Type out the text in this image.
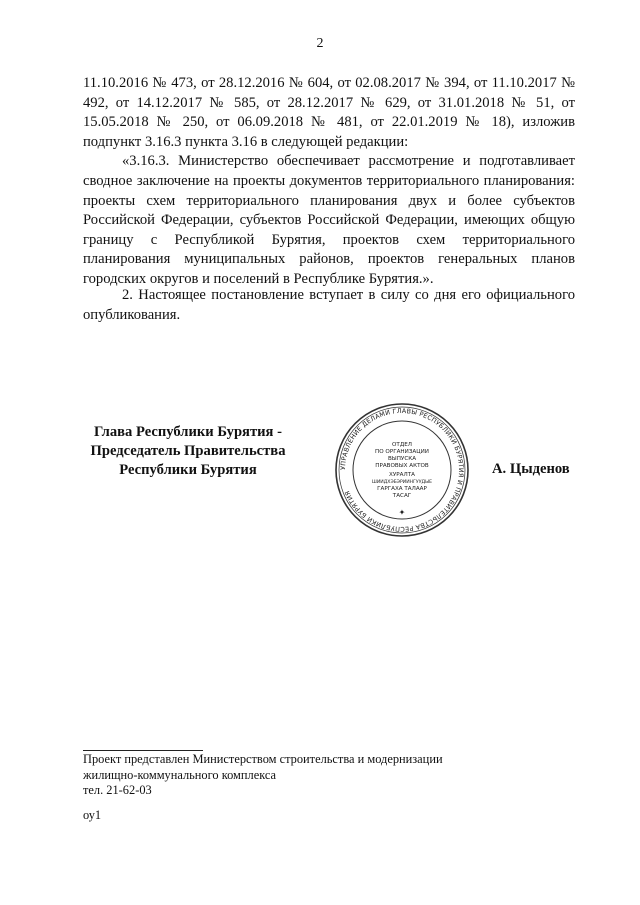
2

11.10.2016 № 473, от 28.12.2016 № 604, от 02.08.2017 № 394, от 11.10.2017 № 492, от 14.12.2017 № 585, от 28.12.2017 № 629, от 31.01.2018 № 51, от 15.05.2018 № 250, от 06.09.2018 № 481, от 22.01.2019 № 18), изложив подпункт 3.16.3 пункта 3.16 в следующей редакции:

«3.16.3. Министерство обеспечивает рассмотрение и подготавливает сводное заключение на проекты документов территориального планирования: проекты схем территориального планирования двух и более субъектов Российской Федерации, субъектов Российской Федерации, имеющих общую границу с Республикой Бурятия, проектов схем территориального планирования муниципальных районов, проектов генеральных планов городских округов и поселений в Республике Бурятия.».

2. Настоящее постановление вступает в силу со дня его официального опубликования.

Глава Республики Бурятия -
Председатель Правительства
Республики Бурятия	УПРАВЛЕНИЕ ДЕЛАМИ ГЛАВЫ РЕСПУБЛИКИ БУРЯТИЯ И ПРАВИТЕЛЬСТВА РЕСПУБЛИКИ БУРЯТИЯ
ОТДЕЛ
ПО ОРГАНИЗАЦИИ
ВЫПУСКА
ПРАВОВЫХ АКТОВ
ХУРАЛТА
ШИИДХЭБЭРИИНГУУДЫЕ
ГАРГАХА ТАЛААР
ТАСАГ
✦
А. Цыденов
Проект представлен Министерством строительства и модернизации
жилищно-коммунального комплекса
тел. 21-62-03
оу1
